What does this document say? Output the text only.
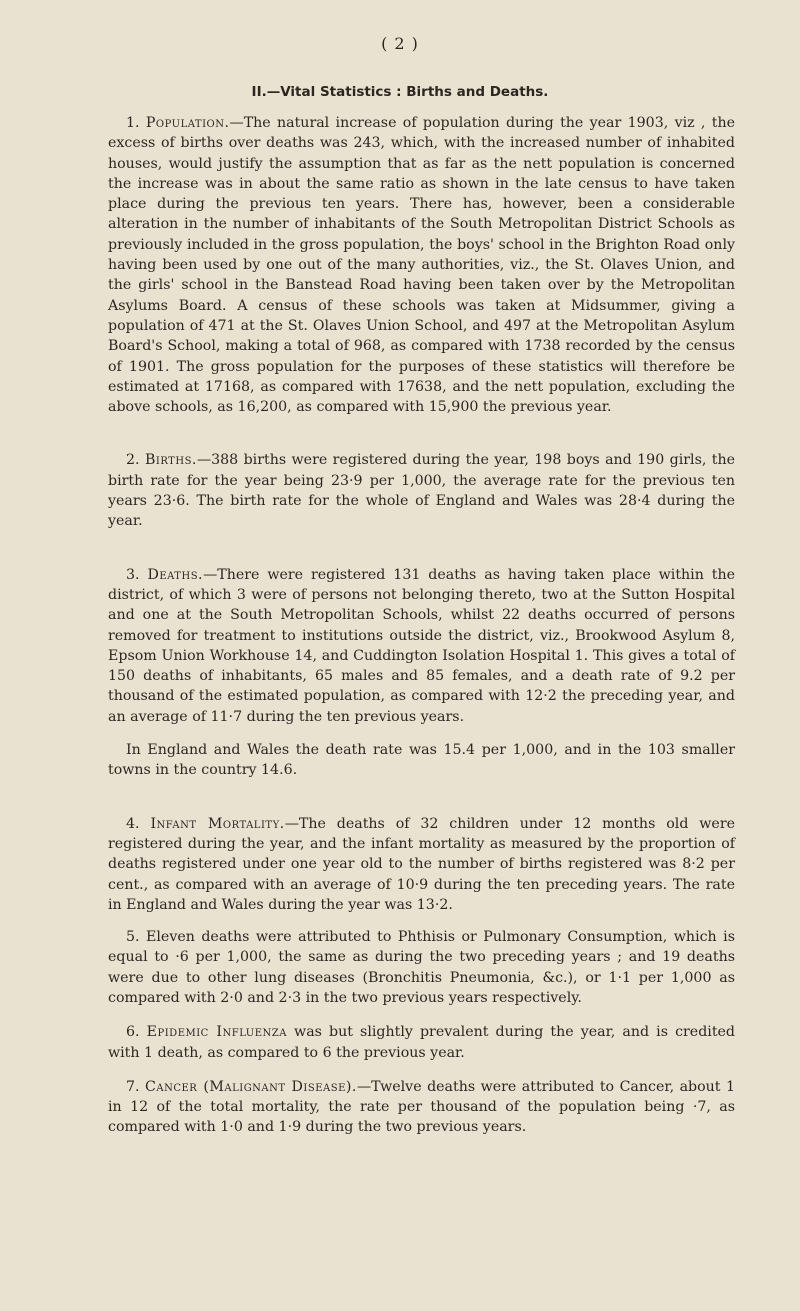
( 2 )
II.—Vital Statistics : Births and Deaths.

1. Population.—The natural increase of population during the year 1903, viz , the excess of births over deaths was 243, which, with the increased number of inhabited houses, would justify the assumption that as far as the nett population is concerned the increase was in about the same ratio as shown in the late census to have taken place during the previous ten years. There has, however, been a considerable alteration in the number of inhabitants of the South Metropolitan District Schools as previously included in the gross population, the boys' school in the Brighton Road only having been used by one out of the many authorities, viz., the St. Olaves Union, and the girls' school in the Banstead Road having been taken over by the Metropolitan Asylums Board. A census of these schools was taken at Midsummer, giving a population of 471 at the St. Olaves Union School, and 497 at the Metropolitan Asylum Board's School, making a total of 968, as compared with 1738 recorded by the census of 1901. The gross population for the purposes of these statistics will therefore be estimated at 17168, as compared with 17638, and the nett population, excluding the above schools, as 16,200, as compared with 15,900 the previous year.

2. Births.—388 births were registered during the year, 198 boys and 190 girls, the birth rate for the year being 23·9 per 1,000, the average rate for the previous ten years 23·6. The birth rate for the whole of England and Wales was 28·4 during the year.

3. Deaths.—There were registered 131 deaths as having taken place within the district, of which 3 were of persons not belonging thereto, two at the Sutton Hospital and one at the South Metropolitan Schools, whilst 22 deaths occurred of persons removed for treatment to institutions outside the district, viz., Brookwood Asylum 8, Epsom Union Workhouse 14, and Cuddington Isolation Hospital 1. This gives a total of 150 deaths of inhabitants, 65 males and 85 females, and a death rate of 9.2 per thousand of the estimated population, as compared with 12·2 the preceding year, and an average of 11·7 during the ten previous years.

In England and Wales the death rate was 15.4 per 1,000, and in the 103 smaller towns in the country 14.6.

4. Infant Mortality.—The deaths of 32 children under 12 months old were registered during the year, and the infant mortality as measured by the proportion of deaths registered under one year old to the number of births registered was 8·2 per cent., as compared with an average of 10·9 during the ten preceding years. The rate in England and Wales during the year was 13·2.

5. Eleven deaths were attributed to Phthisis or Pulmonary Consumption, which is equal to ·6 per 1,000, the same as during the two preceding years ; and 19 deaths were due to other lung diseases (Bronchitis Pneumonia, &c.), or 1·1 per 1,000 as compared with 2·0 and 2·3 in the two previous years respectively.

6. Epidemic Influenza was but slightly prevalent during the year, and is credited with 1 death, as compared to 6 the previous year.

7. Cancer (Malignant Disease).—Twelve deaths were attributed to Cancer, about 1 in 12 of the total mortality, the rate per thousand of the population being ·7, as compared with 1·0 and 1·9 during the two previous years.
